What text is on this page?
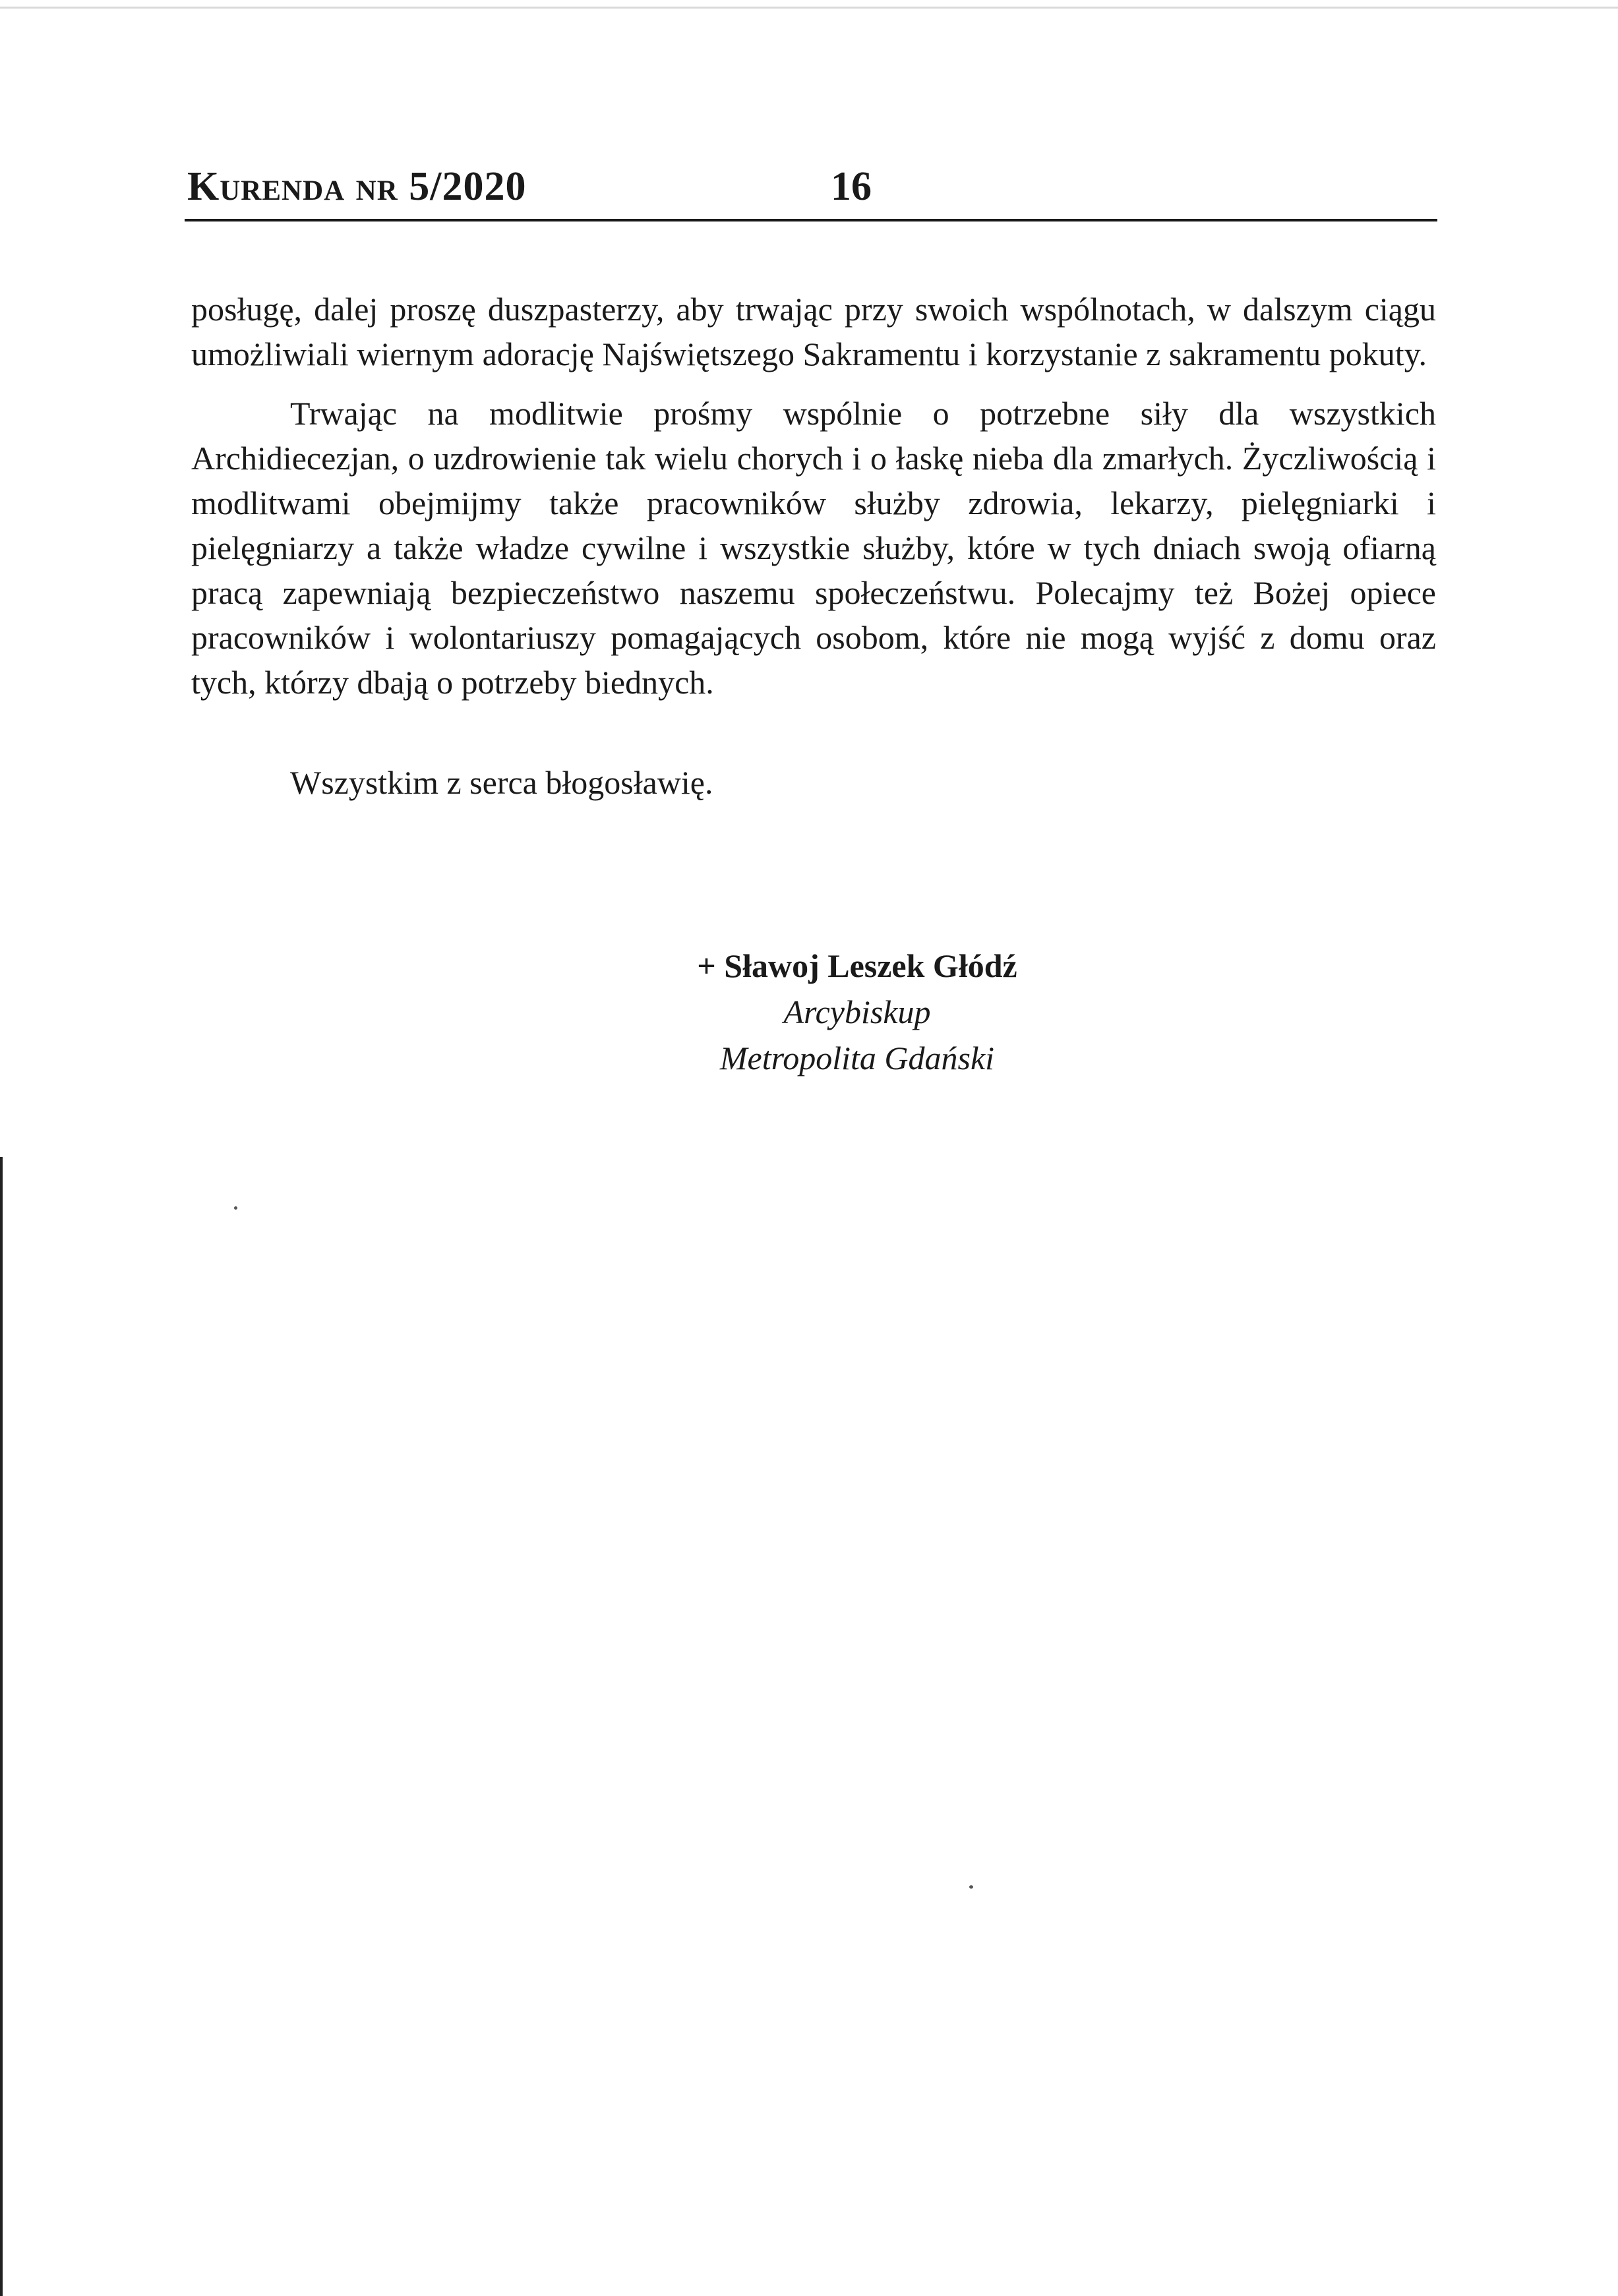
Kurenda nr 5/2020	16

posługę, dalej proszę duszpasterzy, aby trwając przy swoich wspólnotach, w dalszym ciągu umożliwiali wiernym adorację Najświętszego Sakramentu i korzystanie z sakramentu pokuty.

Trwając na modlitwie prośmy wspólnie o potrzebne siły dla wszystkich Archidiecezjan, o uzdrowienie tak wielu chorych i o łaskę nieba dla zmarłych. Życzliwością i modlitwami obejmijmy także pracowników służby zdrowia, lekarzy, pielęgniarki i pielęgniarzy a także władze cywilne i wszystkie służby, które w tych dniach swoją ofiarną pracą zapewniają bezpieczeństwo naszemu społeczeństwu. Polecajmy też Bożej opiece pracowników i wolontariuszy pomagających osobom, które nie mogą wyjść z domu oraz tych, którzy dbają o potrzeby biednych.

Wszystkim z serca błogosławię.

+ Sławoj Leszek Głódź
Arcybiskup
Metropolita Gdański
